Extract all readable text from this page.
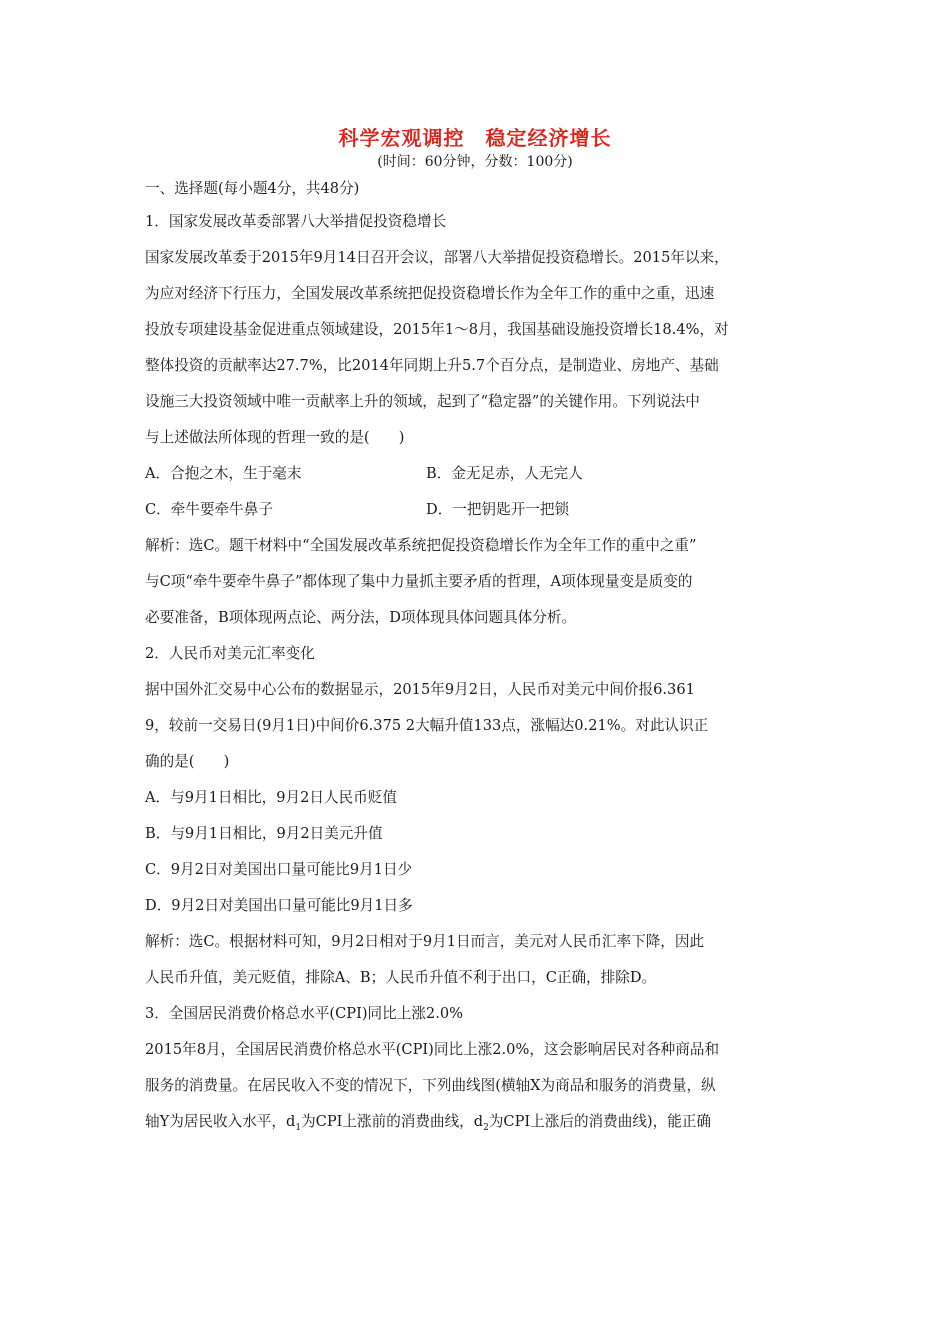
科学宏观调控　稳定经济增长
(时间：60分钟，分数：100分)
一、选择题(每小题4分，共48分)
1．国家发展改革委部署八大举措促投资稳增长
国家发展改革委于2015年9月14日召开会议，部署八大举措促投资稳增长。2015年以来，
为应对经济下行压力，全国发展改革系统把促投资稳增长作为全年工作的重中之重，迅速
投放专项建设基金促进重点领域建设，2015年1～8月，我国基础设施投资增长18.4%，对
整体投资的贡献率达27.7%，比2014年同期上升5.7个百分点，是制造业、房地产、基础
设施三大投资领域中唯一贡献率上升的领域，起到了“稳定器”的关键作用。下列说法中
与上述做法所体现的哲理一致的是(　　)
A．合抱之木，生于毫末	B．金无足赤，人无完人
C．牵牛要牵牛鼻子	D．一把钥匙开一把锁
解析：选C。题干材料中“全国发展改革系统把促投资稳增长作为全年工作的重中之重”
与C项“牵牛要牵牛鼻子”都体现了集中力量抓主要矛盾的哲理，A项体现量变是质变的
必要准备，B项体现两点论、两分法，D项体现具体问题具体分析。
2．人民币对美元汇率变化
据中国外汇交易中心公布的数据显示，2015年9月2日，人民币对美元中间价报6.361
9，较前一交易日(9月1日)中间价6.375 2大幅升值133点，涨幅达0.21%。对此认识正
确的是(　　)
A．与9月1日相比，9月2日人民币贬值
B．与9月1日相比，9月2日美元升值
C．9月2日对美国出口量可能比9月1日少
D．9月2日对美国出口量可能比9月1日多
解析：选C。根据材料可知，9月2日相对于9月1日而言，美元对人民币汇率下降，因此
人民币升值，美元贬值，排除A、B；人民币升值不利于出口，C正确，排除D。
3．全国居民消费价格总水平(CPI)同比上涨2.0%
2015年8月，全国居民消费价格总水平(CPI)同比上涨2.0%，这会影响居民对各种商品和
服务的消费量。在居民收入不变的情况下，下列曲线图(横轴X为商品和服务的消费量，纵
轴Y为居民收入水平，$d_1$为CPI上涨前的消费曲线，$d_2$为CPI上涨后的消费曲线)，能正确
